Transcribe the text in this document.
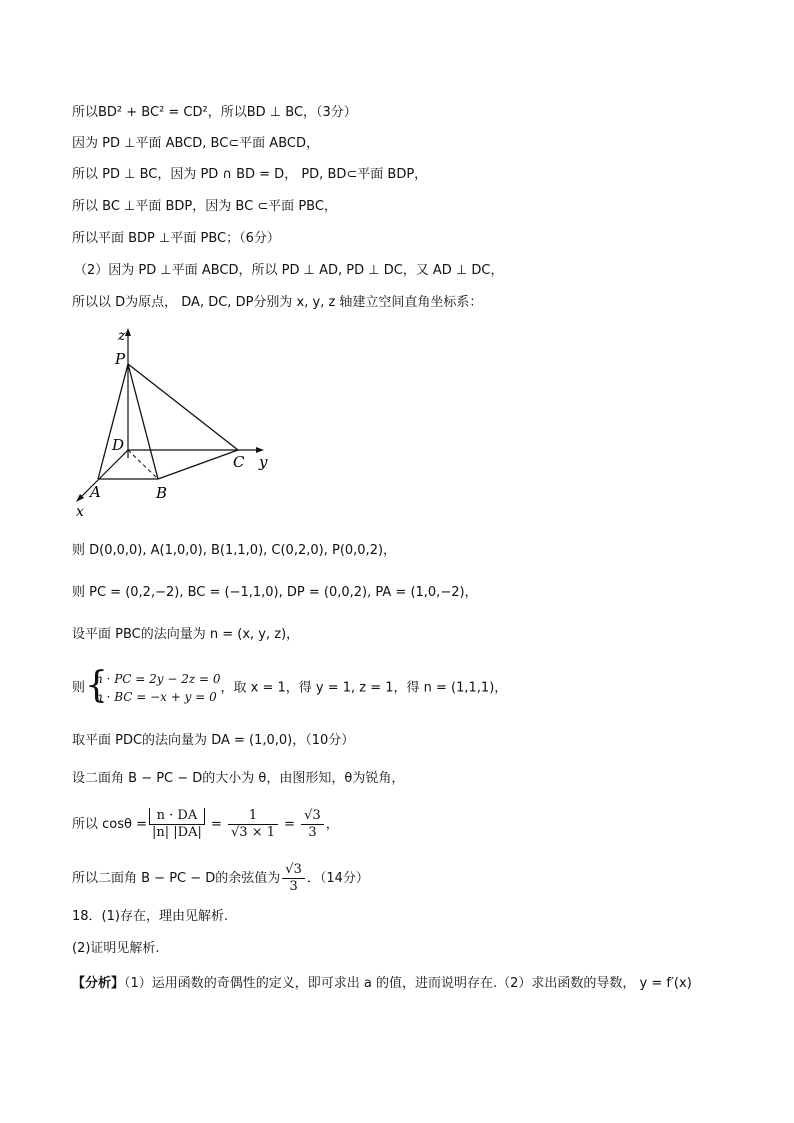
所以BD² + BC² = CD²，所以BD ⊥ BC，（3分）
因为 PD ⊥平面 ABCD, BC⊂平面 ABCD，
所以 PD ⊥ BC，因为 PD ∩ BD = D， PD, BD⊂平面 BDP，
所以 BC ⊥平面 BDP，因为 BC ⊂平面 PBC，
所以平面 BDP ⊥平面 PBC；（6分）
（2）因为 PD ⊥平面 ABCD，所以 PD ⊥ AD, PD ⊥ DC，又 AD ⊥ DC，
所以以 D为原点， DA, DC, DP分别为 x, y, z 轴建立空间直角坐标系：
z
P
D
C y
A	B
x
则 D(0,0,0), A(1,0,0), B(1,1,0), C(0,2,0), P(0,0,2)，
则 PC = (0,2,−2), BC = (−1,1,0), DP = (0,0,2), PA = (1,0,−2)，
设平面 PBC的法向量为 n = (x, y, z)，
则 {
n · PC = 2y − 2z = 0
n · BC = −x + y = 0
，取 x = 1，得 y = 1, z = 1，得 n = (1,1,1)，
取平面 PDC的法向量为 DA = (1,0,0)，（10分）
设二面角 B − PC − D的大小为 θ，由图形知，θ为锐角，
所以 $\cos\theta = \frac{n \cdot DA}{|n| |DA|} = \frac{1}{√3 \times 1} = \frac{√3}{3}$ ，
所以二面角 B − PC − D的余弦值为 $\frac{√3}{3}$ ．（14分）
18．(1)存在，理由见解析.
(2)证明见解析.
【分析】（1）运用函数的奇偶性的定义，即可求出 a 的值，进而说明存在.（2）求出函数的导数， y = f′(x)
